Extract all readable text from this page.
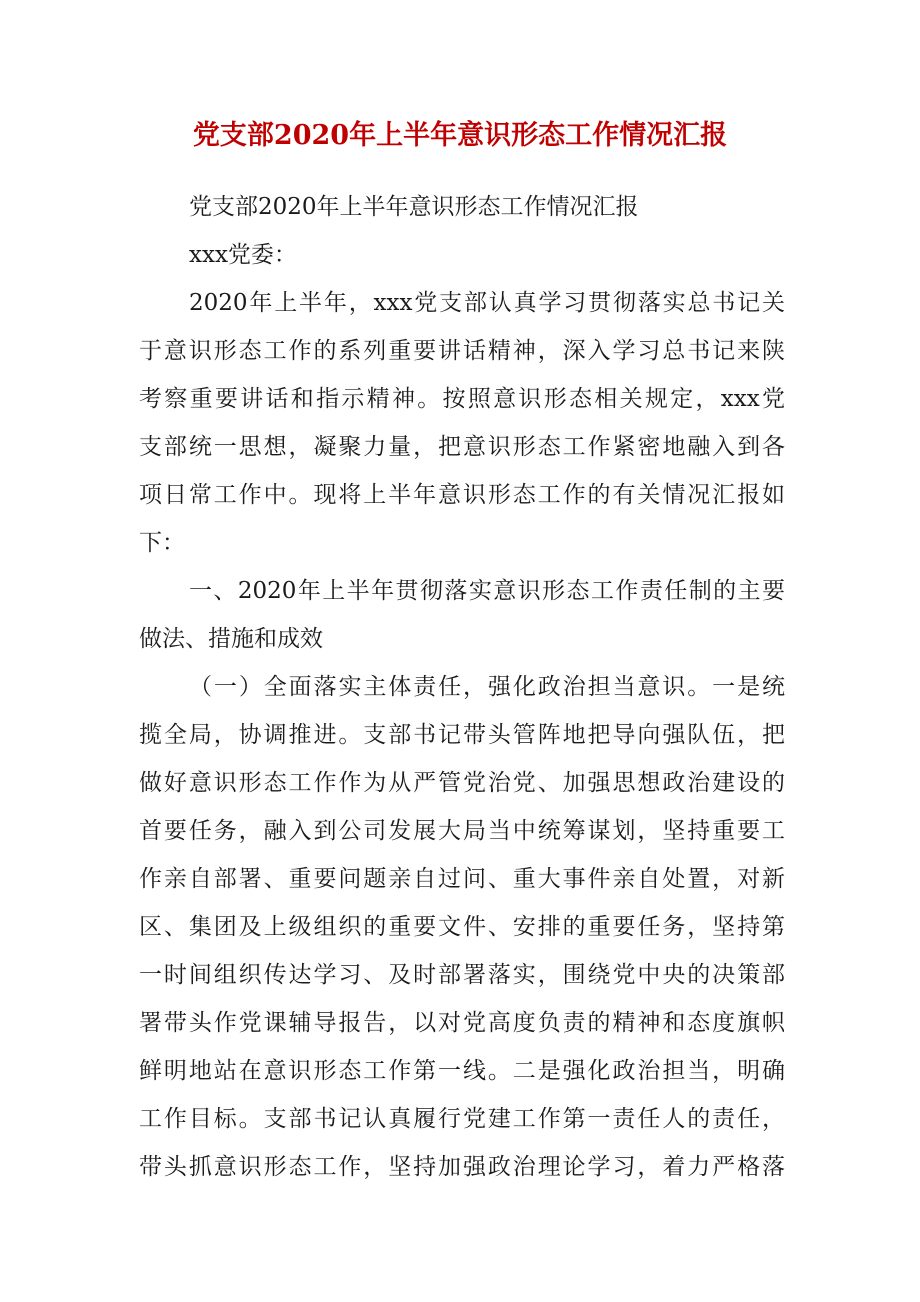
党支部2020年上半年意识形态工作情况汇报
党支部2020年上半年意识形态工作情况汇报
xxx党委：
2020年上半年，xxx党支部认真学习贯彻落实总书记关
于意识形态工作的系列重要讲话精神，深入学习总书记来陕
考察重要讲话和指示精神。按照意识形态相关规定，xxx党
支部统一思想，凝聚力量，把意识形态工作紧密地融入到各
项日常工作中。现将上半年意识形态工作的有关情况汇报如
下：
一、2020年上半年贯彻落实意识形态工作责任制的主要
做法、措施和成效
（一）全面落实主体责任，强化政治担当意识。一是统
揽全局，协调推进。支部书记带头管阵地把导向强队伍，把
做好意识形态工作作为从严管党治党、加强思想政治建设的
首要任务，融入到公司发展大局当中统筹谋划，坚持重要工
作亲自部署、重要问题亲自过问、重大事件亲自处置，对新
区、集团及上级组织的重要文件、安排的重要任务，坚持第
一时间组织传达学习、及时部署落实，围绕党中央的决策部
署带头作党课辅导报告，以对党高度负责的精神和态度旗帜
鲜明地站在意识形态工作第一线。二是强化政治担当，明确
工作目标。支部书记认真履行党建工作第一责任人的责任，
带头抓意识形态工作，坚持加强政治理论学习，着力严格落
